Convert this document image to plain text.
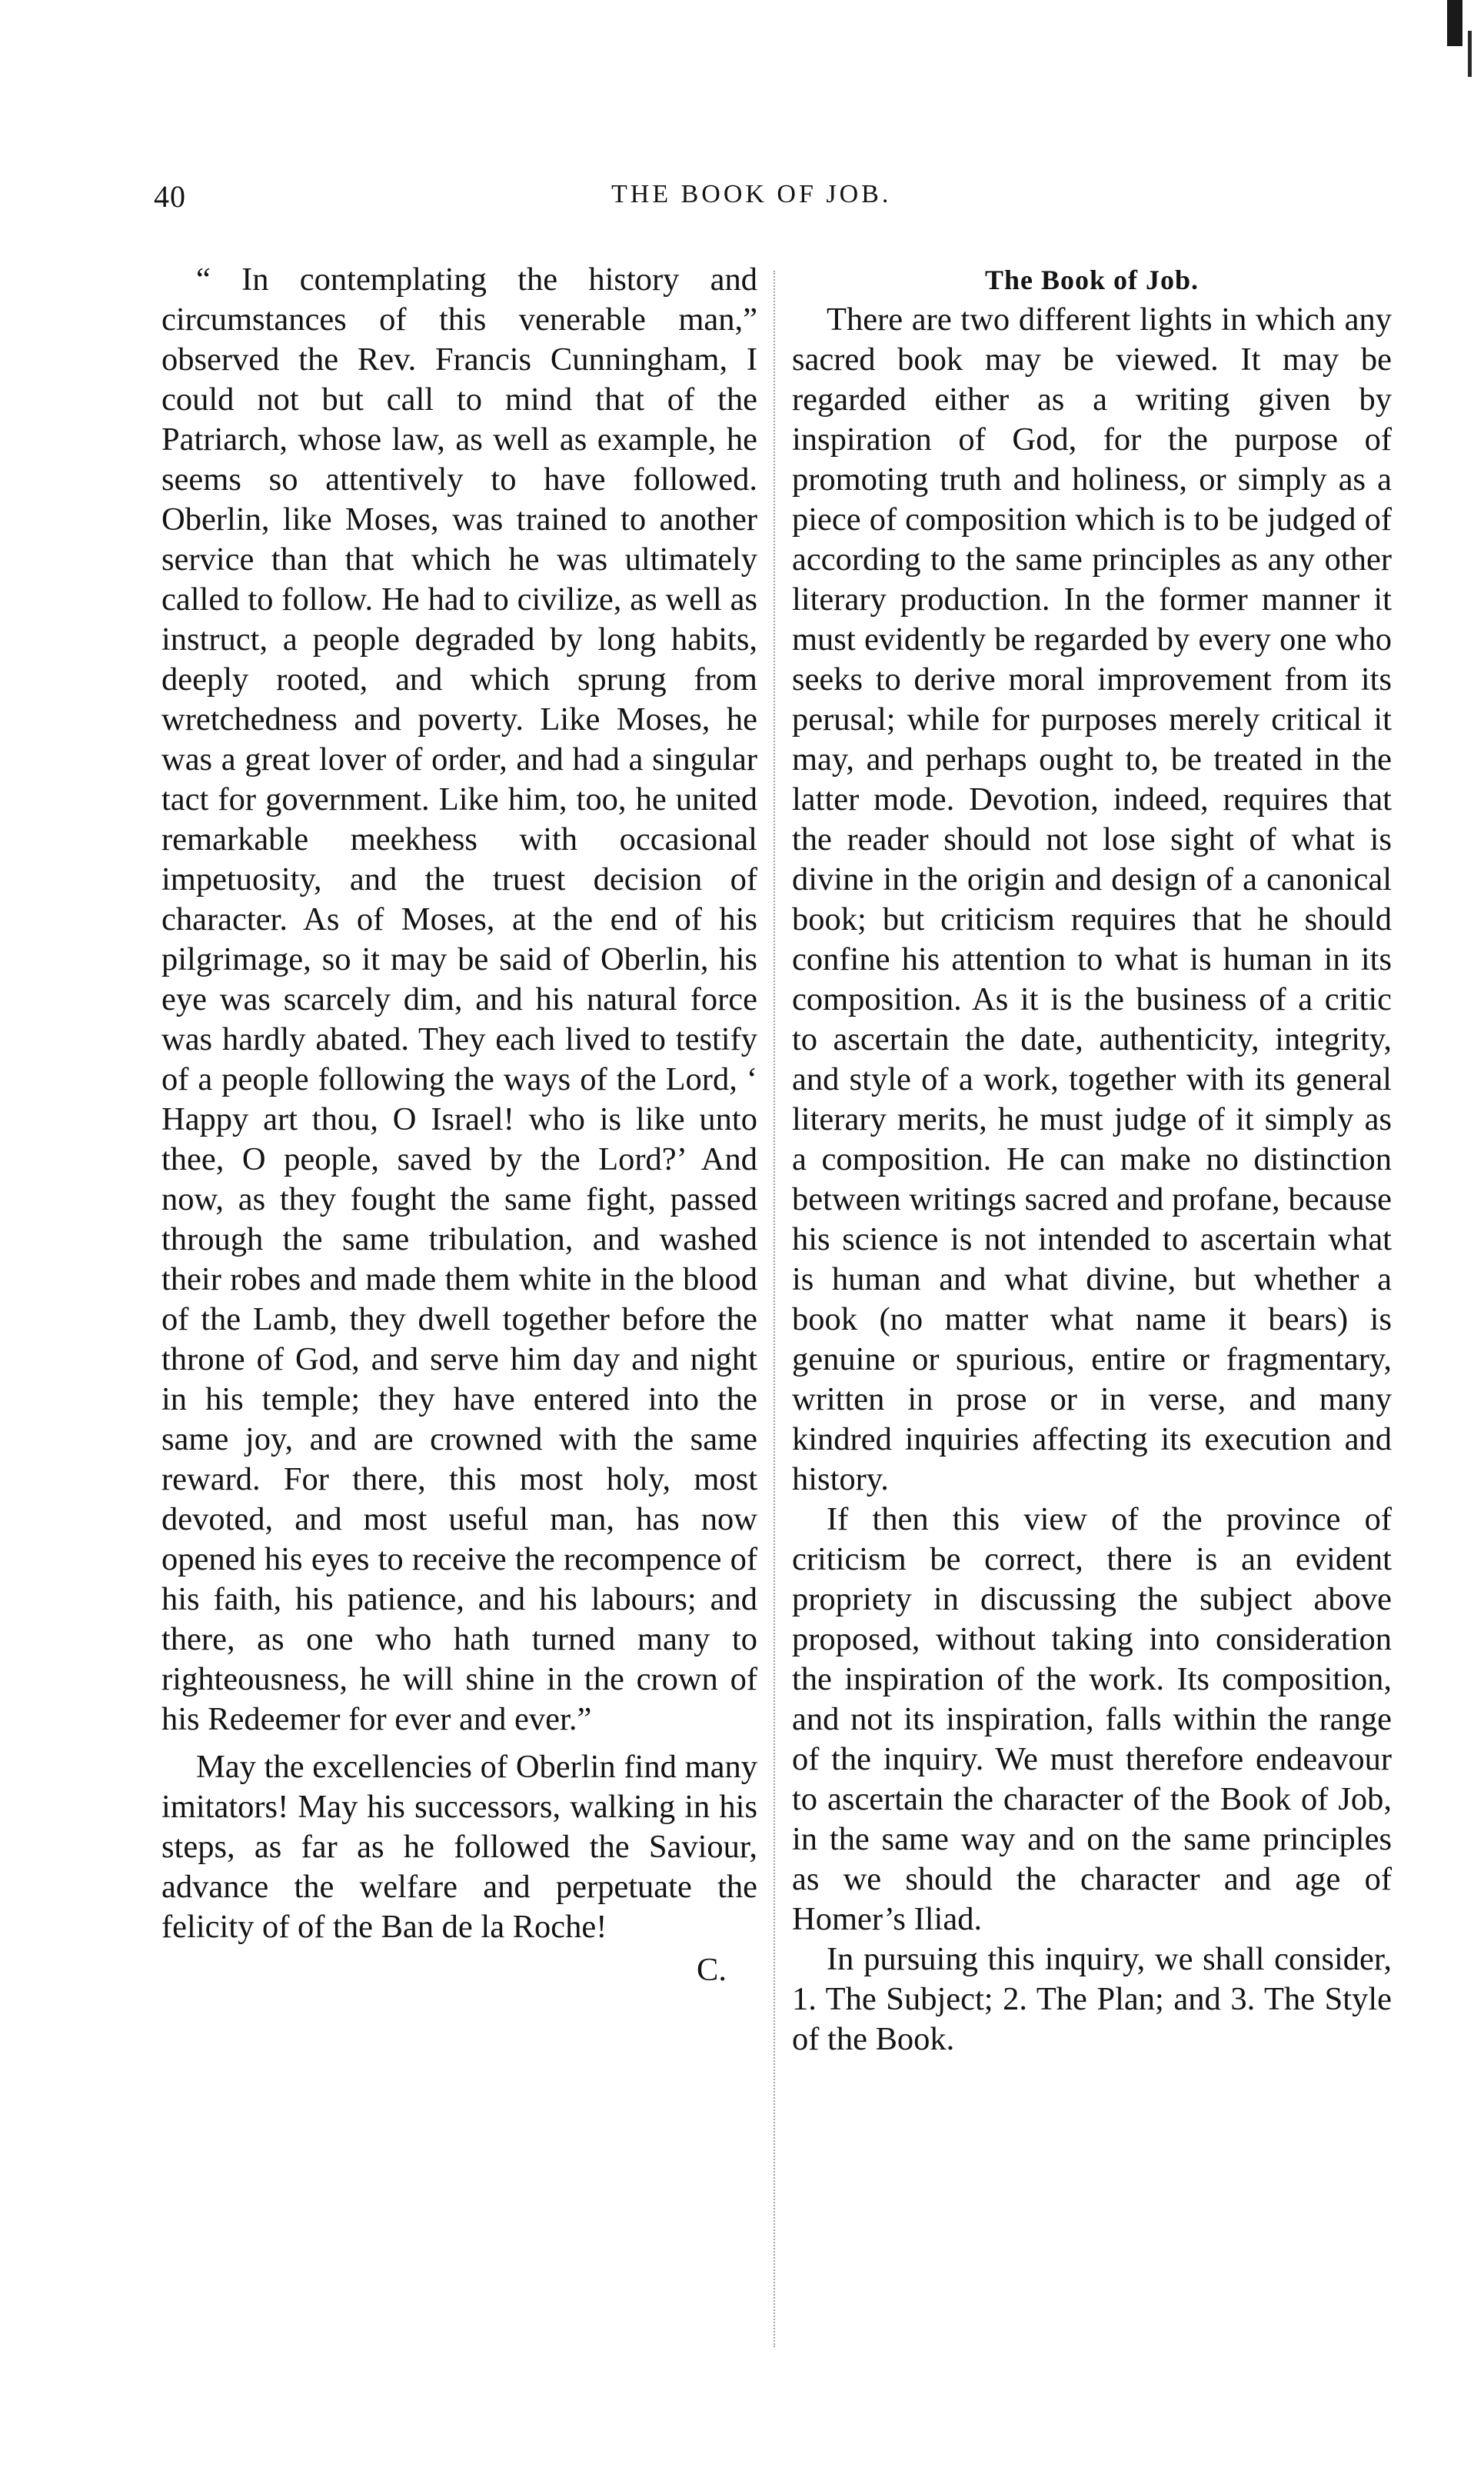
40	THE BOOK OF JOB.

“ In contemplating the history and circumstances of this venerable man,” observed the Rev. Francis Cunningham, I could not but call to mind that of the Patriarch, whose law, as well as example, he seems so attentively to have followed. Oberlin, like Moses, was trained to another service than that which he was ultimately called to follow. He had to civilize, as well as instruct, a people degraded by long habits, deeply rooted, and which sprung from wretchedness and poverty. Like Moses, he was a great lover of order, and had a singular tact for government. Like him, too, he united remarkable meekhess with occasional impetuosity, and the truest decision of character. As of Moses, at the end of his pilgrimage, so it may be said of Oberlin, his eye was scarcely dim, and his natural force was hardly abated. They each lived to testify of a people following the ways of the Lord, ‘ Happy art thou, O Israel! who is like unto thee, O people, saved by the Lord?’ And now, as they fought the same fight, passed through the same tribulation, and washed their robes and made them white in the blood of the Lamb, they dwell together before the throne of God, and serve him day and night in his temple; they have entered into the same joy, and are crowned with the same reward. For there, this most holy, most devoted, and most useful man, has now opened his eyes to receive the recompence of his faith, his patience, and his labours; and there, as one who hath turned many to righteousness, he will shine in the crown of his Redeemer for ever and ever.”

May the excellencies of Oberlin find many imitators! May his successors, walking in his steps, as far as he followed the Saviour, advance the welfare and perpetuate the felicity of of the Ban de la Roche!

C.

The Book of Job.

There are two different lights in which any sacred book may be viewed. It may be regarded either as a writing given by inspiration of God, for the purpose of promoting truth and holiness, or simply as a piece of composition which is to be judged of according to the same principles as any other literary production. In the former manner it must evidently be regarded by every one who seeks to derive moral improvement from its perusal; while for purposes merely critical it may, and perhaps ought to, be treated in the latter mode. Devotion, indeed, requires that the reader should not lose sight of what is divine in the origin and design of a canonical book; but criticism requires that he should confine his attention to what is human in its composition. As it is the business of a critic to ascertain the date, authenticity, integrity, and style of a work, together with its general literary merits, he must judge of it simply as a composition. He can make no distinction between writings sacred and profane, because his science is not intended to ascertain what is human and what divine, but whether a book (no matter what name it bears) is genuine or spurious, entire or fragmentary, written in prose or in verse, and many kindred inquiries affecting its execution and history.

If then this view of the province of criticism be correct, there is an evident propriety in discussing the subject above proposed, without taking into consideration the inspiration of the work. Its composition, and not its inspiration, falls within the range of the inquiry. We must therefore endeavour to ascertain the character of the Book of Job, in the same way and on the same principles as we should the character and age of Homer’s Iliad.

In pursuing this inquiry, we shall consider, 1. The Subject; 2. The Plan; and 3. The Style of the Book.
